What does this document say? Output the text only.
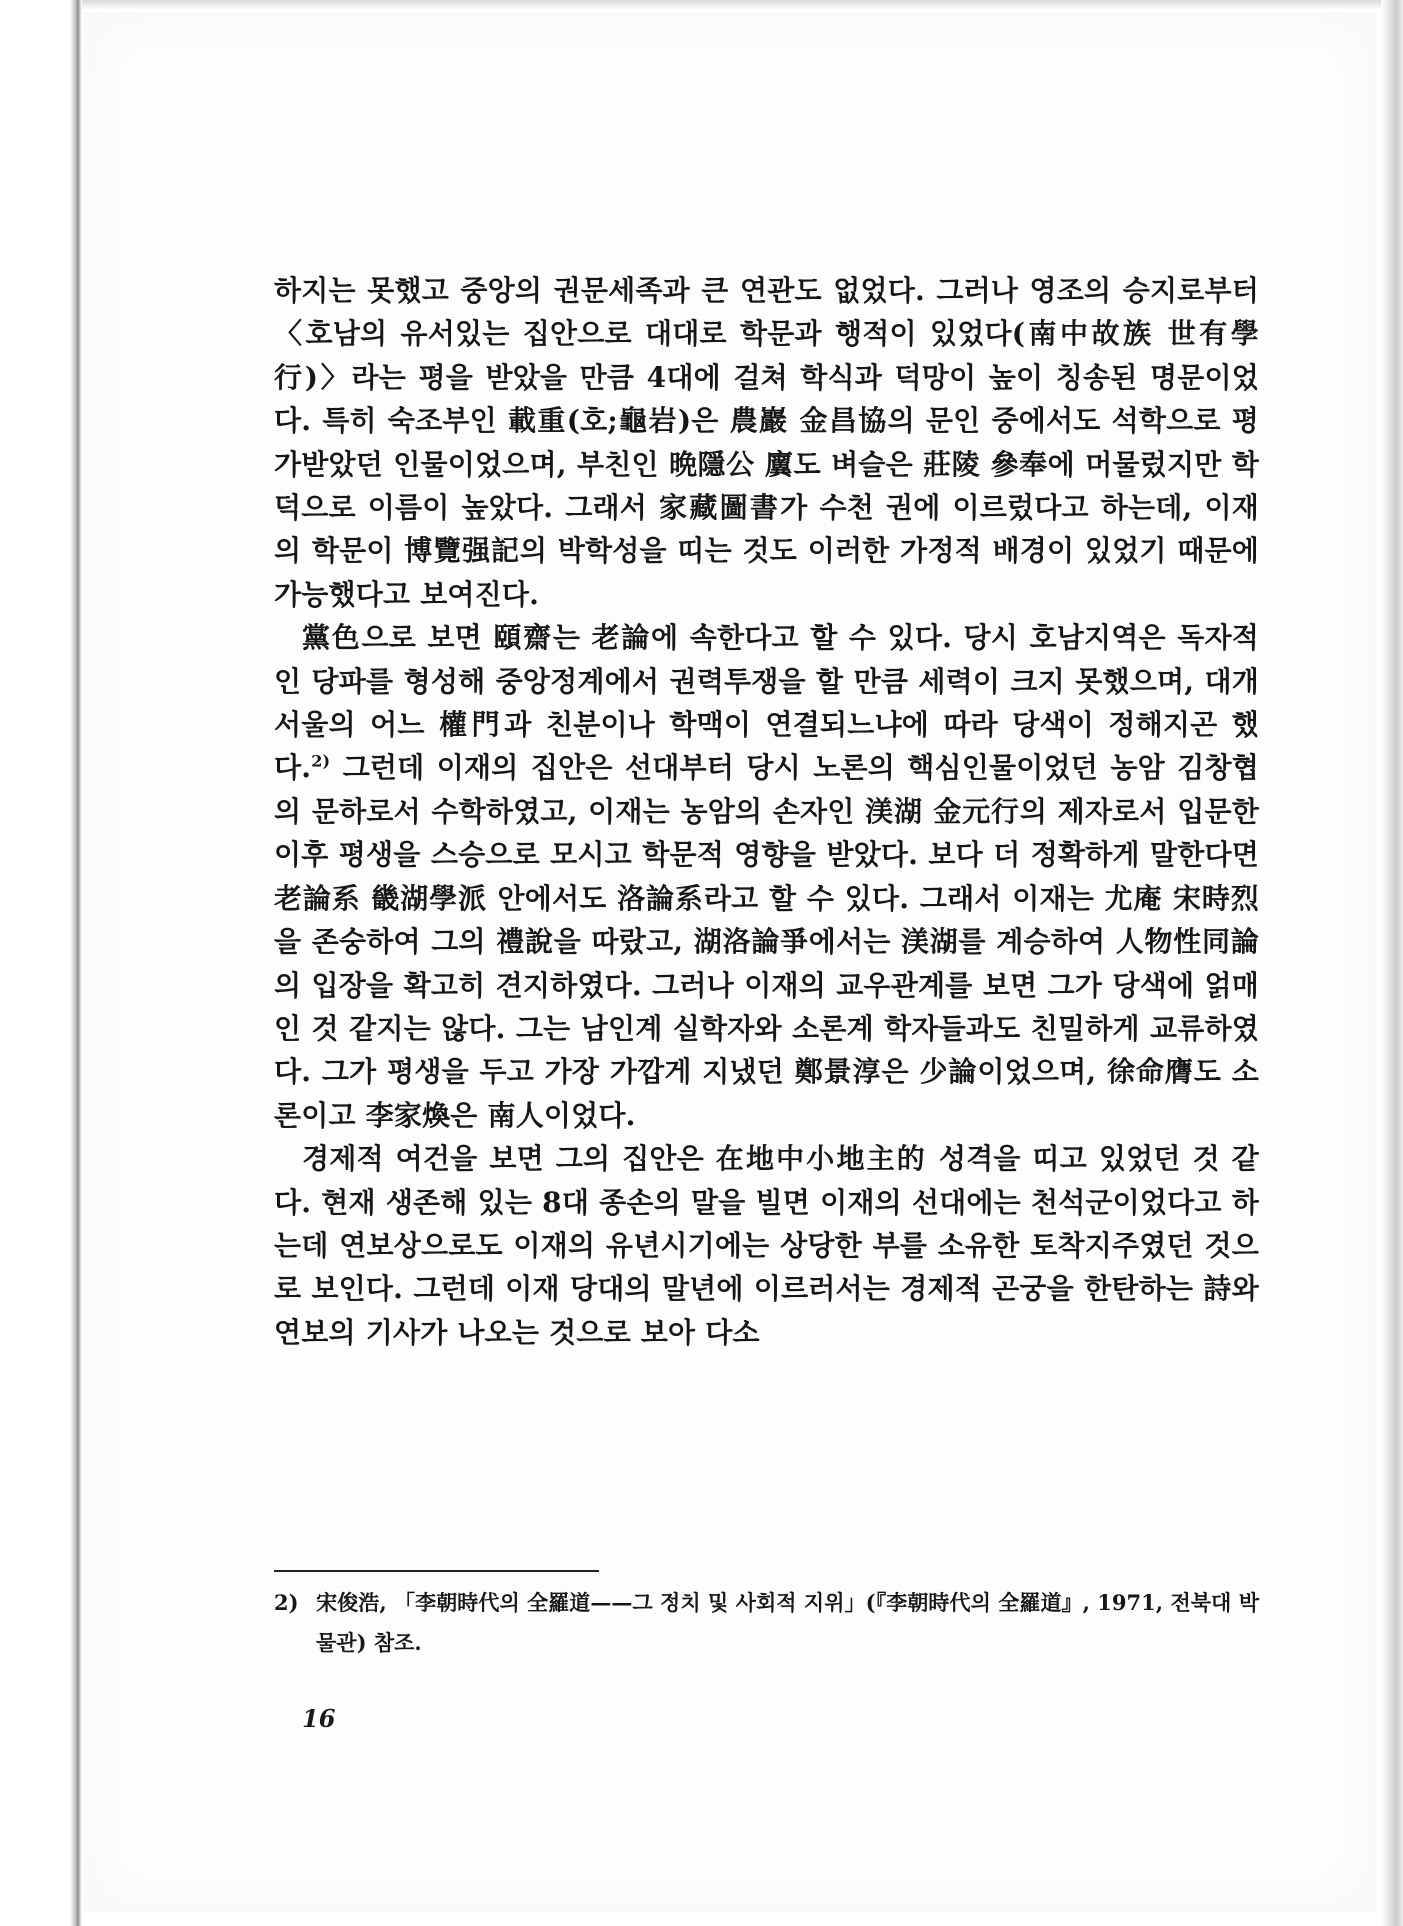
하지는 못했고 중앙의 권문세족과 큰 연관도 없었다. 그러나 영조의 승지로부터 〈호남의 유서있는 집안으로 대대로 학문과 행적이 있었다(南中故族 世有學行)〉라는 평을 받았을 만큼 4대에 걸쳐 학식과 덕망이 높이 칭송된 명문이었다. 특히 숙조부인 載重(호;龜岩)은 農巖 金昌協의 문인 중에서도 석학으로 평가받았던 인물이었으며, 부친인 晩隱公 㢞도 벼슬은 莊陵 參奉에 머물렀지만 학덕으로 이름이 높았다. 그래서 家藏圖書가 수천 권에 이르렀다고 하는데, 이재의 학문이 博覽强記의 박학성을 띠는 것도 이러한 가정적 배경이 있었기 때문에 가능했다고 보여진다.

黨色으로 보면 頤齋는 老論에 속한다고 할 수 있다. 당시 호남지역은 독자적인 당파를 형성해 중앙정계에서 권력투쟁을 할 만큼 세력이 크지 못했으며, 대개 서울의 어느 權門과 친분이나 학맥이 연결되느냐에 따라 당색이 정해지곤 했다.$^{2)}$ 그런데 이재의 집안은 선대부터 당시 노론의 핵심인물이었던 농암 김창협의 문하로서 수학하였고, 이재는 농암의 손자인 渼湖 金元行의 제자로서 입문한 이후 평생을 스승으로 모시고 학문적 영향을 받았다. 보다 더 정확하게 말한다면 老論系 畿湖學派 안에서도 洛論系라고 할 수 있다. 그래서 이재는 尤庵 宋時烈을 존숭하여 그의 禮說을 따랐고, 湖洛論爭에서는 渼湖를 계승하여 人物性同論의 입장을 확고히 견지하였다. 그러나 이재의 교우관계를 보면 그가 당색에 얽매인 것 같지는 않다. 그는 남인계 실학자와 소론계 학자들과도 친밀하게 교류하였다. 그가 평생을 두고 가장 가깝게 지냈던 鄭景淳은 少論이었으며, 徐命膺도 소론이고 李家煥은 南人이었다.

경제적 여건을 보면 그의 집안은 在地中小地主的 성격을 띠고 있었던 것 같다. 현재 생존해 있는 8대 종손의 말을 빌면 이재의 선대에는 천석군이었다고 하는데 연보상으로도 이재의 유년시기에는 상당한 부를 소유한 토착지주였던 것으로 보인다. 그런데 이재 당대의 말년에 이르러서는 경제적 곤궁을 한탄하는 詩와 연보의 기사가 나오는 것으로 보아 다소

2) 宋俊浩, 「李朝時代의 全羅道——그 정치 및 사회적 지위」(『李朝時代의 全羅道』, 1971, 전북대 박물관) 참조.
16
